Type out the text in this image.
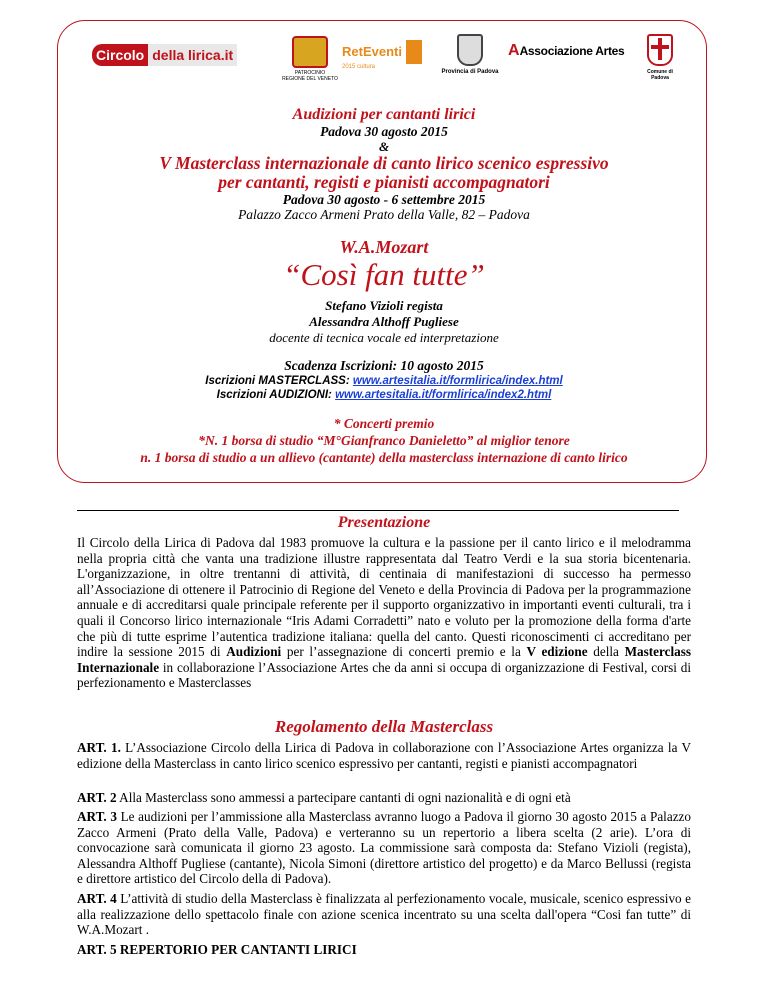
Circolo della lirica.it
PATROCINIO
REGIONE DEL VENETO
RetEventi
2015 cultura
Provincia di Padova
AAssociazione Artes
Comune di Padova
Audizioni per cantanti lirici
Padova 30 agosto 2015
&
V Masterclass internazionale di canto lirico scenico espressivo
per cantanti, registi e pianisti accompagnatori
Padova 30 agosto - 6 settembre 2015
Palazzo Zacco Armeni Prato della Valle, 82 – Padova
W.A.Mozart
“Così fan tutte”
Stefano Vizioli regista
Alessandra Althoff Pugliese
docente di tecnica vocale ed interpretazione
Scadenza Iscrizioni: 10 agosto 2015
Iscrizioni MASTERCLASS: www.artesitalia.it/formlirica/index.html
Iscrizioni AUDIZIONI: www.artesitalia.it/formlirica/index2.html
* Concerti premio
*N. 1 borsa di studio “M°Gianfranco Danieletto” al miglior tenore
n. 1 borsa di studio a un allievo (cantante) della masterclass internazione di canto lirico
Presentazione
Il Circolo della Lirica di Padova dal 1983 promuove la cultura e la passione per il canto lirico e il melodramma nella propria città che vanta una tradizione illustre rappresentata dal Teatro Verdi e la sua storia bicentenaria. L'organizzazione, in oltre trentanni di attività, di centinaia di manifestazioni di successo ha permesso all’Associazione di ottenere il Patrocinio di Regione del Veneto e della Provincia di Padova per la programmazione annuale e di accreditarsi quale principale referente per il supporto organizzativo in importanti eventi culturali, tra i quali il Concorso lirico internazionale “Iris Adami Corradetti” nato e voluto per la promozione della forma d'arte che più di tutte esprime l’autentica tradizione italiana: quella del canto. Questi riconoscimenti ci accreditano per indire la sessione 2015 di Audizioni per l’assegnazione di concerti premio e la V edizione della Masterclass Internazionale in collaborazione l’Associazione Artes che da anni si occupa di organizzazione di Festival, corsi di perfezionamento e Masterclasses
Regolamento della Masterclass
ART. 1. L’Associazione Circolo della Lirica di Padova in collaborazione con l’Associazione Artes organizza la V edizione della Masterclass in canto lirico scenico espressivo per cantanti, registi e pianisti accompagnatori
ART. 2 Alla Masterclass sono ammessi a partecipare cantanti di ogni nazionalità e di ogni età
ART. 3 Le audizioni per l’ammissione alla Masterclass avranno luogo a Padova il giorno 30 agosto 2015 a Palazzo Zacco Armeni (Prato della Valle, Padova) e verteranno su un repertorio a libera scelta (2 arie). L’ora di convocazione sarà comunicata il giorno 23 agosto. La commissione sarà composta da: Stefano Vizioli (regista), Alessandra Althoff Pugliese (cantante), Nicola Simoni (direttore artistico del progetto) e da Marco Bellussi (regista e direttore artistico del Circolo della di Padova).
ART. 4 L’attività di studio della Masterclass è finalizzata al perfezionamento vocale, musicale, scenico espressivo e alla realizzazione dello spettacolo finale con azione scenica incentrato su una scelta dall'opera “Cosi fan tutte” di W.A.Mozart .
ART. 5 REPERTORIO PER CANTANTI LIRICI
